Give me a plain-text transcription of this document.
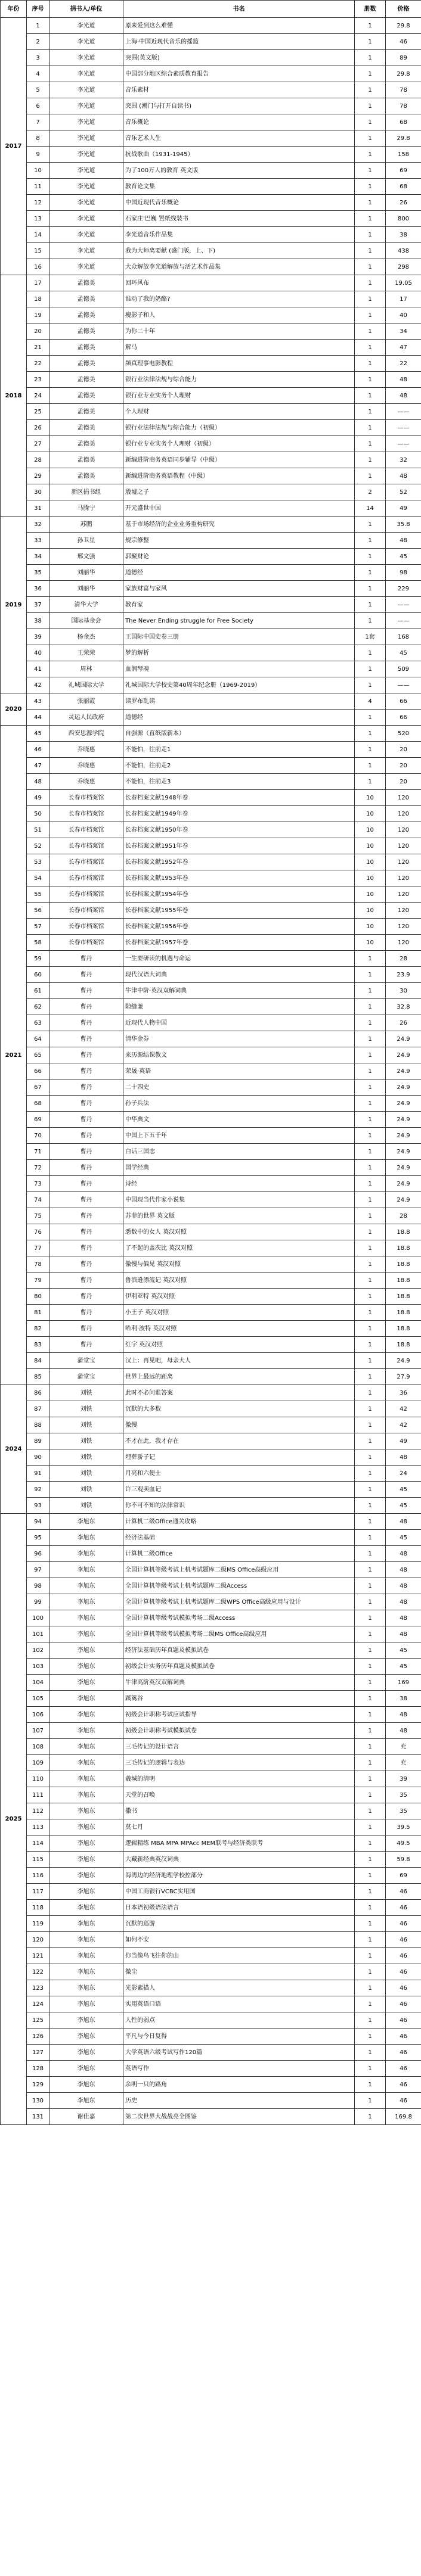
年份	序号	捐书人/单位	书名	册数	价格
2017	1	李光道	原来爱到这么难懂	1	29.8
	2	李光道	上海·中国近现代音乐的摇篮	1	46
	3	李光道	突围(英文版)	1	89
	4	李光道	中国部分地区综合素质教育报告	1	29.8
	5	李光道	音乐素材	1	78
	6	李光道	突围 (潮门与打开自读书)	1	78
	7	李光道	音乐概论	1	68
	8	李光道	音乐艺术人生	1	29.8
	9	李光道	抗战歌曲（1931-1945）	1	158
	10	李光道	为了100万人的教育 英文版	1	69
	11	李光道	教育论文集	1	68
	12	李光道	中国近现代音乐概论	1	26
	13	李光道	石家庄'巴巍 置纸线装书	1	800
	14	李光道	李光道音乐作品集	1	38
	15	李光道	我为大师离要献 (盛门版，上、下)	1	438
	16	李光道	大众解放李光道解放与活艺术作品集	1	298
2018	17	孟德美	回环风布	1	19.05
	18	孟德美	谁动了我的奶酪?	1	17
	19	孟德美	瘦影子和人	1	40
	20	孟德美	为你二十年	1	34
	21	孟德美	解马	1	47
	22	孟德美	频真理事电影教程	1	22
	23	孟德美	银行业法律法规与综合能力	1	48
	24	孟德美	银行业专业实务个人理财	1	48
	25	孟德美	个人理财	1	——
	26	孟德美	银行业法律法规与综合能力（初级）	1	——
	27	孟德美	银行业专业实务个人理财（初级）	1	——
	28	孟德美	新编进阶商务英语同步辅导（中级）	1	32
	29	孟德美	新编进阶商务英语教程（中级）	1	48
	30	新区捐书组	殷墟之子	2	52
	31	马腾宁	开元盛世中国	14	49
2019	32	苏鹏	基于市场经济的企业业务重构研究	1	35.8
	33	孙卫星	规宗修整	1	48
	34	邢文强	郭聚财论	1	45
	35	刘丽华	道德经	1	98
	36	刘丽华	家族财富与家风	1	229
	37	清华大学	教育家	1	——
	38	国际基金会	The Never Ending struggle for Free Society	1	——
	39	杨金杰	王国际中国史卷三册	1套	168
	40	王荣荣	梦的解析	1	45
	41	周林	血润琴魂	1	509
	42	礼城国际大学	礼城国际大学校史第40周年纪念册（1969-2019）	1	——
2020	43	张丽霞	读罗布乱读	4	66
	44	灵运人民政府	道德经	1	66
2021	45	西安思源学院	自强源（直纸版新本）	1	520
	46	乔晓惠	不能怕，往前走1	1	20
	47	乔晓惠	不能怕，往前走2	1	20
	48	乔晓惠	不能怕，往前走3	1	20
	49	长春市档案馆	长春档案文献1948年卷	10	120
	50	长春市档案馆	长春档案文献1949年卷	10	120
	51	长春市档案馆	长春档案文献1950年卷	10	120
	52	长春市档案馆	长春档案文献1951年卷	10	120
	53	长春市档案馆	长春档案文献1952年卷	10	120
	54	长春市档案馆	长春档案文献1953年卷	10	120
	55	长春市档案馆	长春档案文献1954年卷	10	120
	56	长春市档案馆	长春档案文献1955年卷	10	120
	57	长春市档案馆	长春档案文献1956年卷	10	120
	58	长春市档案馆	长春档案文献1957年卷	10	120
	59	曹丹	一生要研读的机遇与命运	1	28
	60	曹丹	现代汉语大词典	1	23.9
	61	曹丹	牛津中阶·英汉双解词典	1	30
	62	曹丹	隙缝兼	1	32.8
	63	曹丹	近现代人物中国	1	26
	64	曹丹	清华金券	1	24.9
	65	曹丹	来历源结课教文	1	24.9
	66	曹丹	荣晟·英语	1	24.9
	67	曹丹	二十四史	1	24.9
	68	曹丹	孙子兵法	1	24.9
	69	曹丹	中华典文	1	24.9
	70	曹丹	中国上下五千年	1	24.9
	71	曹丹	白话三国志	1	24.9
	72	曹丹	国学经典	1	24.9
	73	曹丹	诗经	1	24.9
	74	曹丹	中国现当代作家小说集	1	24.9
	75	曹丹	苏菲的世界 英文版	1	28
	76	曹丹	悉数中的女人 英汉对照	1	18.8
	77	曹丹	了不起的盖茨比 英汉对照	1	18.8
	78	曹丹	傲慢与偏见 英汉对照	1	18.8
	79	曹丹	鲁滨逊漂流记 英汉对照	1	18.8
	80	曹丹	伊利亚特 英汉对照	1	18.8
	81	曹丹	小王子 英汉对照	1	18.8
	82	曹丹	哈利·波特 英汉对照	1	18.8
	83	曹丹	红字 英汉对照	1	18.8
	84	蒲堂宝	汉上：再见吧，母亲大人	1	24.9
	85	蒲堂宝	世界上最远的距离	1	27.9
2024	86	刘铁	此时不必问谁答案	1	36
	87	刘铁	沉默的大多数	1	42
	88	刘铁	傲慢	1	42
	89	刘铁	不才在此，我才存在	1	49
	90	刘铁	埋葬骄子记	1	48
	91	刘铁	月亮和六便士	1	24
	92	刘铁	许三观卖血记	1	45
	93	刘铁	你不可不知的法律常识	1	45
2025	94	李旭东	计算机二级Office通关攻略	1	48
	95	李旭东	经济法基础	1	45
	96	李旭东	计算机二级Office	1	48
	97	李旭东	全国计算机等级考试上机考试题库二级MS Office高级应用	1	48
	98	李旭东	全国计算机等级考试上机考试题库二级Access	1	48
	99	李旭东	全国计算机等级考试上机考试题库二级WPS Office高级应用与设计	1	48
	100	李旭东	全国计算机等级考试模拟考场二级Access	1	48
	101	李旭东	全国计算机等级考试模拟考场二级MS Office高级应用	1	48
	102	李旭东	经济法基础历年真题及模拟试卷	1	45
	103	李旭东	初级会计实务历年真题及模拟试卷	1	45
	104	李旭东	牛津高阶英汉双解词典	1	169
	105	李旭东	蹊篱谷	1	38
	106	李旭东	初级会计职称考试应试指导	1	48
	107	李旭东	初级会计职称考试模拟试卷	1	48
	108	李旭东	三毛传记的设计语言	1	充
	109	李旭东	三毛传记的逻辑与表达	1	充
	110	李旭东	羲城的清明	1	39
	111	李旭东	天堂的召唤	1	35
	112	李旭东	撒书	1	35
	113	李旭东	莫七月	1	39.5
	114	李旭东	逻辑精练 MBA MPA MPAcc MEM联考与经济类联考	1	49.5
	115	李旭东	大藏新经典英汉词典	1	59.8
	116	李旭东	海湾边的经济地理学校控部分	1	69
	117	李旭东	中国工商银行VCBC实用国	1	46
	118	李旭东	日本语初级语法语言	1	46
	119	李旭东	沉默的巡游	1	46
	120	李旭东	如何不安	1	46
	121	李旭东	你当像鸟飞往你的山	1	46
	122	李旭东	微尘	1	46
	123	李旭东	光影素描人	1	46
	124	李旭东	实用英语口语	1	46
	125	李旭东	人性的弱点	1	46
	126	李旭东	平凡与今日复得	1	46
	127	李旭东	大学英语六级考试写作120篇	1	46
	128	李旭东	英语写作	1	46
	129	李旭东	余明一只的路角	1	46
	130	李旭东	历史	1	46
	131	谢佳嘉	第二次世界大战战亮全图鉴	1	169.8
